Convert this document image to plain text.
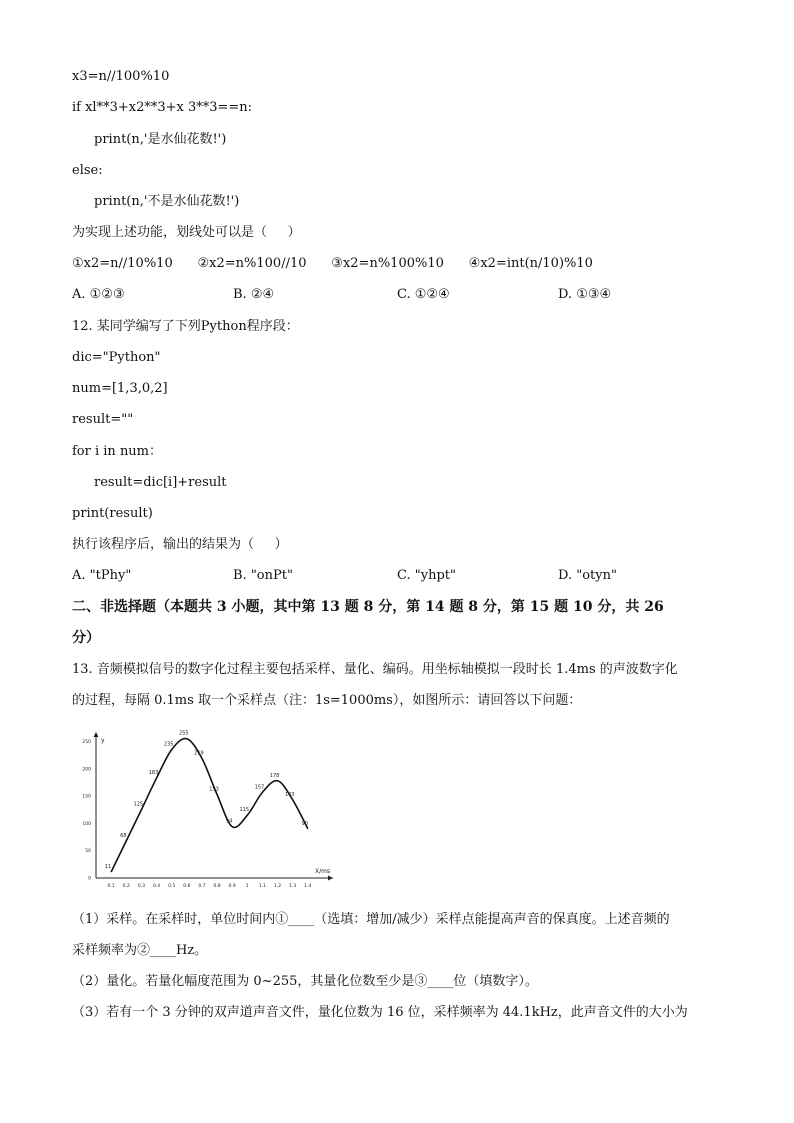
x3=n//100%10
if xl**3+x2**3+x 3**3==n:
print(n,'是水仙花数!')
else:
print(n,'不是水仙花数!')
为实现上述功能，划线处可以是（     ）
①x2=n//10%10      ②x2=n%100//10      ③x2=n%100%10      ④x2=int(n/10)%10
A. ①②③	B. ②④	C. ①②④	D. ①③④
12. 某同学编写了下列Python程序段：
dic="Python"
num=[1,3,0,2]
result=""
for i in num：
result=dic[i]+result
print(result)
执行该程序后，输出的结果为（     ）
A. "tPhy"	B. "onPt"	C. "yhpt"	D. "otyn"
二、非选择题（本题共 3 小题，其中第 13 题 8 分，第 14 题 8 分，第 15 题 10 分，共 26
分）
13. 音频模拟信号的数字化过程主要包括采样、量化、编码。用坐标轴模拟一段时长 1.4ms 的声波数字化
的过程，每隔 0.1ms 取一个采样点（注：1s=1000ms），如图所示：请回答以下问题：
0.1 0.2 0.3 0.4 0.5 0.6 0.7 0.8 0.9 1 1.1 1.2 1.3 1.4
0
50
100
150
200
250
11
68
125
183
235
255
219
153
94
115
157
178
143
90
X/ms
y
（1）采样。在采样时，单位时间内①____（选填：增加/减少）采样点能提高声音的保真度。上述音频的
采样频率为②____Hz。
（2）量化。若量化幅度范围为 0~255，其量化位数至少是③____位（填数字）。
（3）若有一个 3 分钟的双声道声音文件，量化位数为 16 位，采样频率为 44.1kHz，此声音文件的大小为
